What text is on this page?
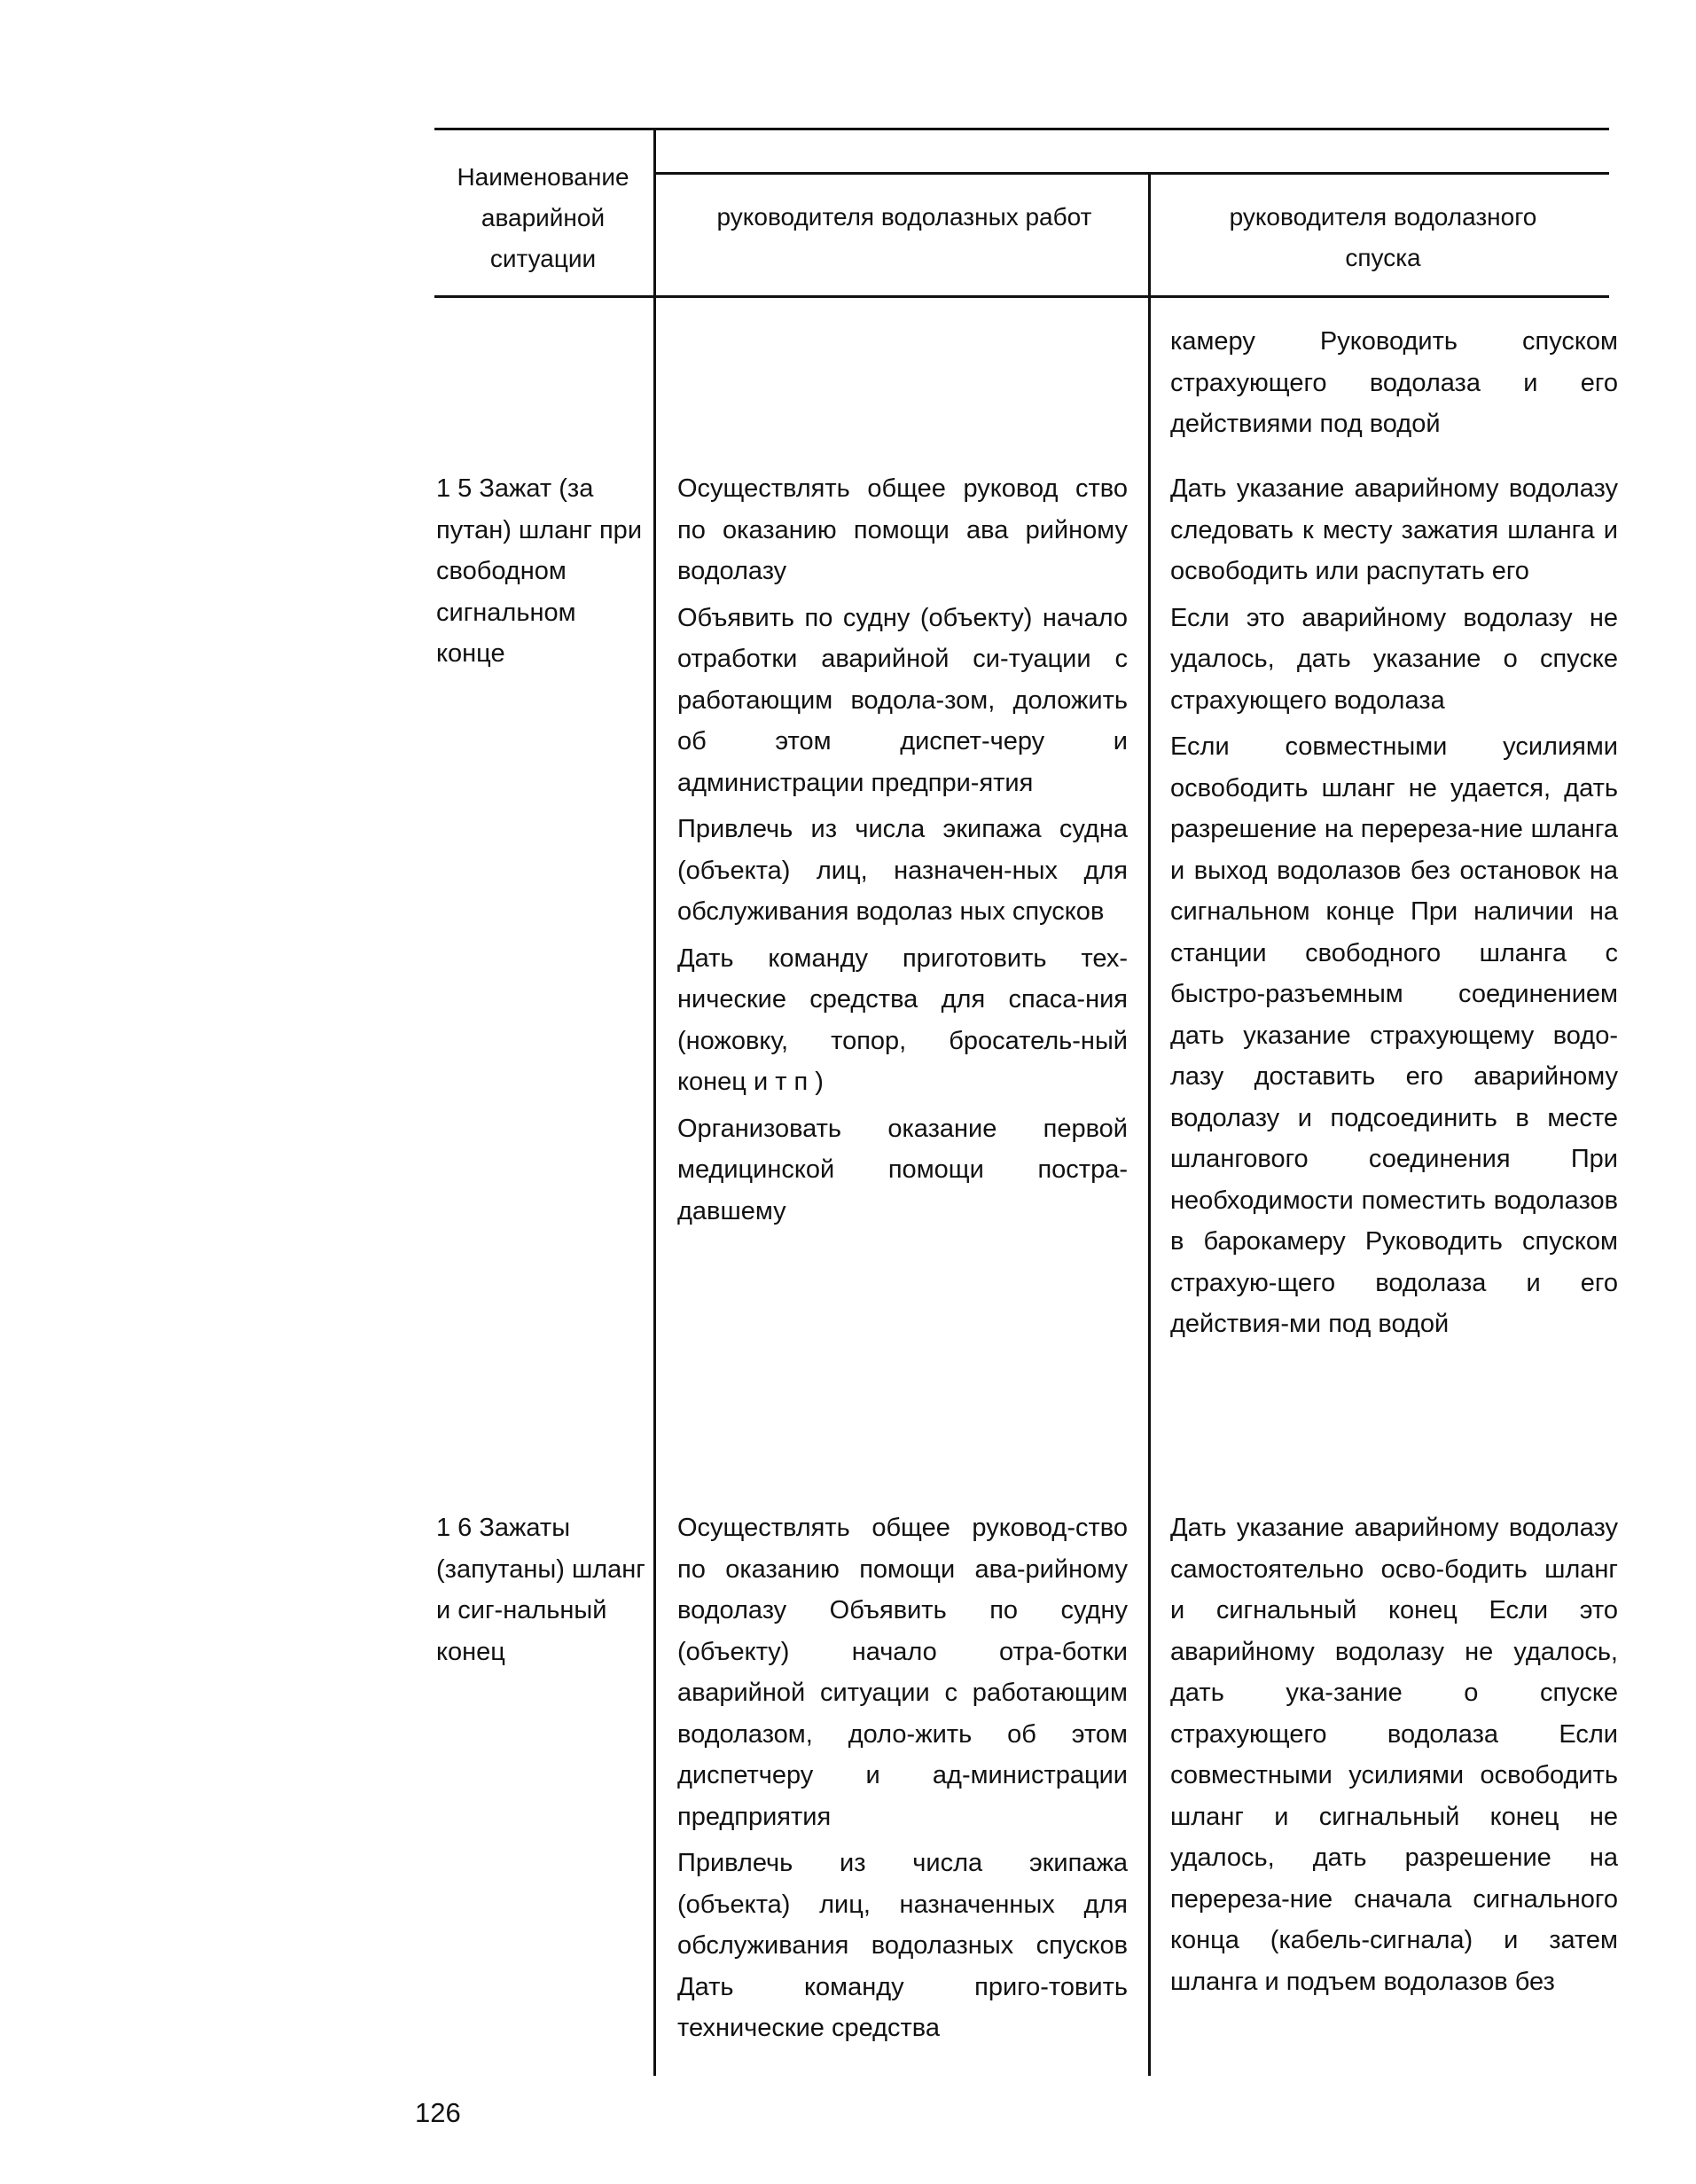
Наименование аварийной ситуации
руководителя водолазных работ	руководителя водолазного спуска

камеру Руководить спуском страхующего водолаза и его действиями под водой

1 5 Зажат (за путан) шланг при свободном сигнальном конце

Осуществлять общее руковод ство по оказанию помощи ава рийному водолазу

Объявить по судну (объекту) начало отработки аварийной си-туации с работающим водола-зом, доложить об этом диспет-черу и администрации предпри-ятия

Привлечь из числа экипажа судна (объекта) лиц, назначен-ных для обслуживания водолаз ных спусков

Дать команду приготовить тех-нические средства для спаса-ния (ножовку, топор, бросатель-ный конец и т п )

Организовать оказание первой медицинской помощи постра-давшему

Дать указание аварийному водолазу следовать к месту зажатия шланга и освободить или распутать его

Если это аварийному водолазу не удалось, дать указание о спуске страхующего водолаза

Если совместными усилиями освободить шланг не удается, дать разрешение на перереза-ние шланга и выход водолазов без остановок на сигнальном конце При наличии на станции свободного шланга с быстро-разъемным соединением дать указание страхующему водо-лазу доставить его аварийному водолазу и подсоединить в месте шлангового соединения При необходимости поместить водолазов в барокамеру Руководить спуском страхую-щего водолаза и его действия-ми под водой

1 6 Зажаты (запутаны) шланг и сиг-нальный конец

Осуществлять общее руковод-ство по оказанию помощи ава-рийному водолазу Объявить по судну (объекту) начало отра-ботки аварийной ситуации с работающим водолазом, доло-жить об этом диспетчеру и ад-министрации предприятия

Привлечь из числа экипажа (объекта) лиц, назначенных для обслуживания водолазных спусков Дать команду приго-товить технические средства

Дать указание аварийному водолазу самостоятельно осво-бодить шланг и сигнальный конец Если это аварийному водолазу не удалось, дать ука-зание о спуске страхующего водолаза Если совместными усилиями освободить шланг и сигнальный конец не удалось, дать разрешение на перереза-ние сначала сигнального конца (кабель-сигнала) и затем шланга и подъем водолазов без

126
